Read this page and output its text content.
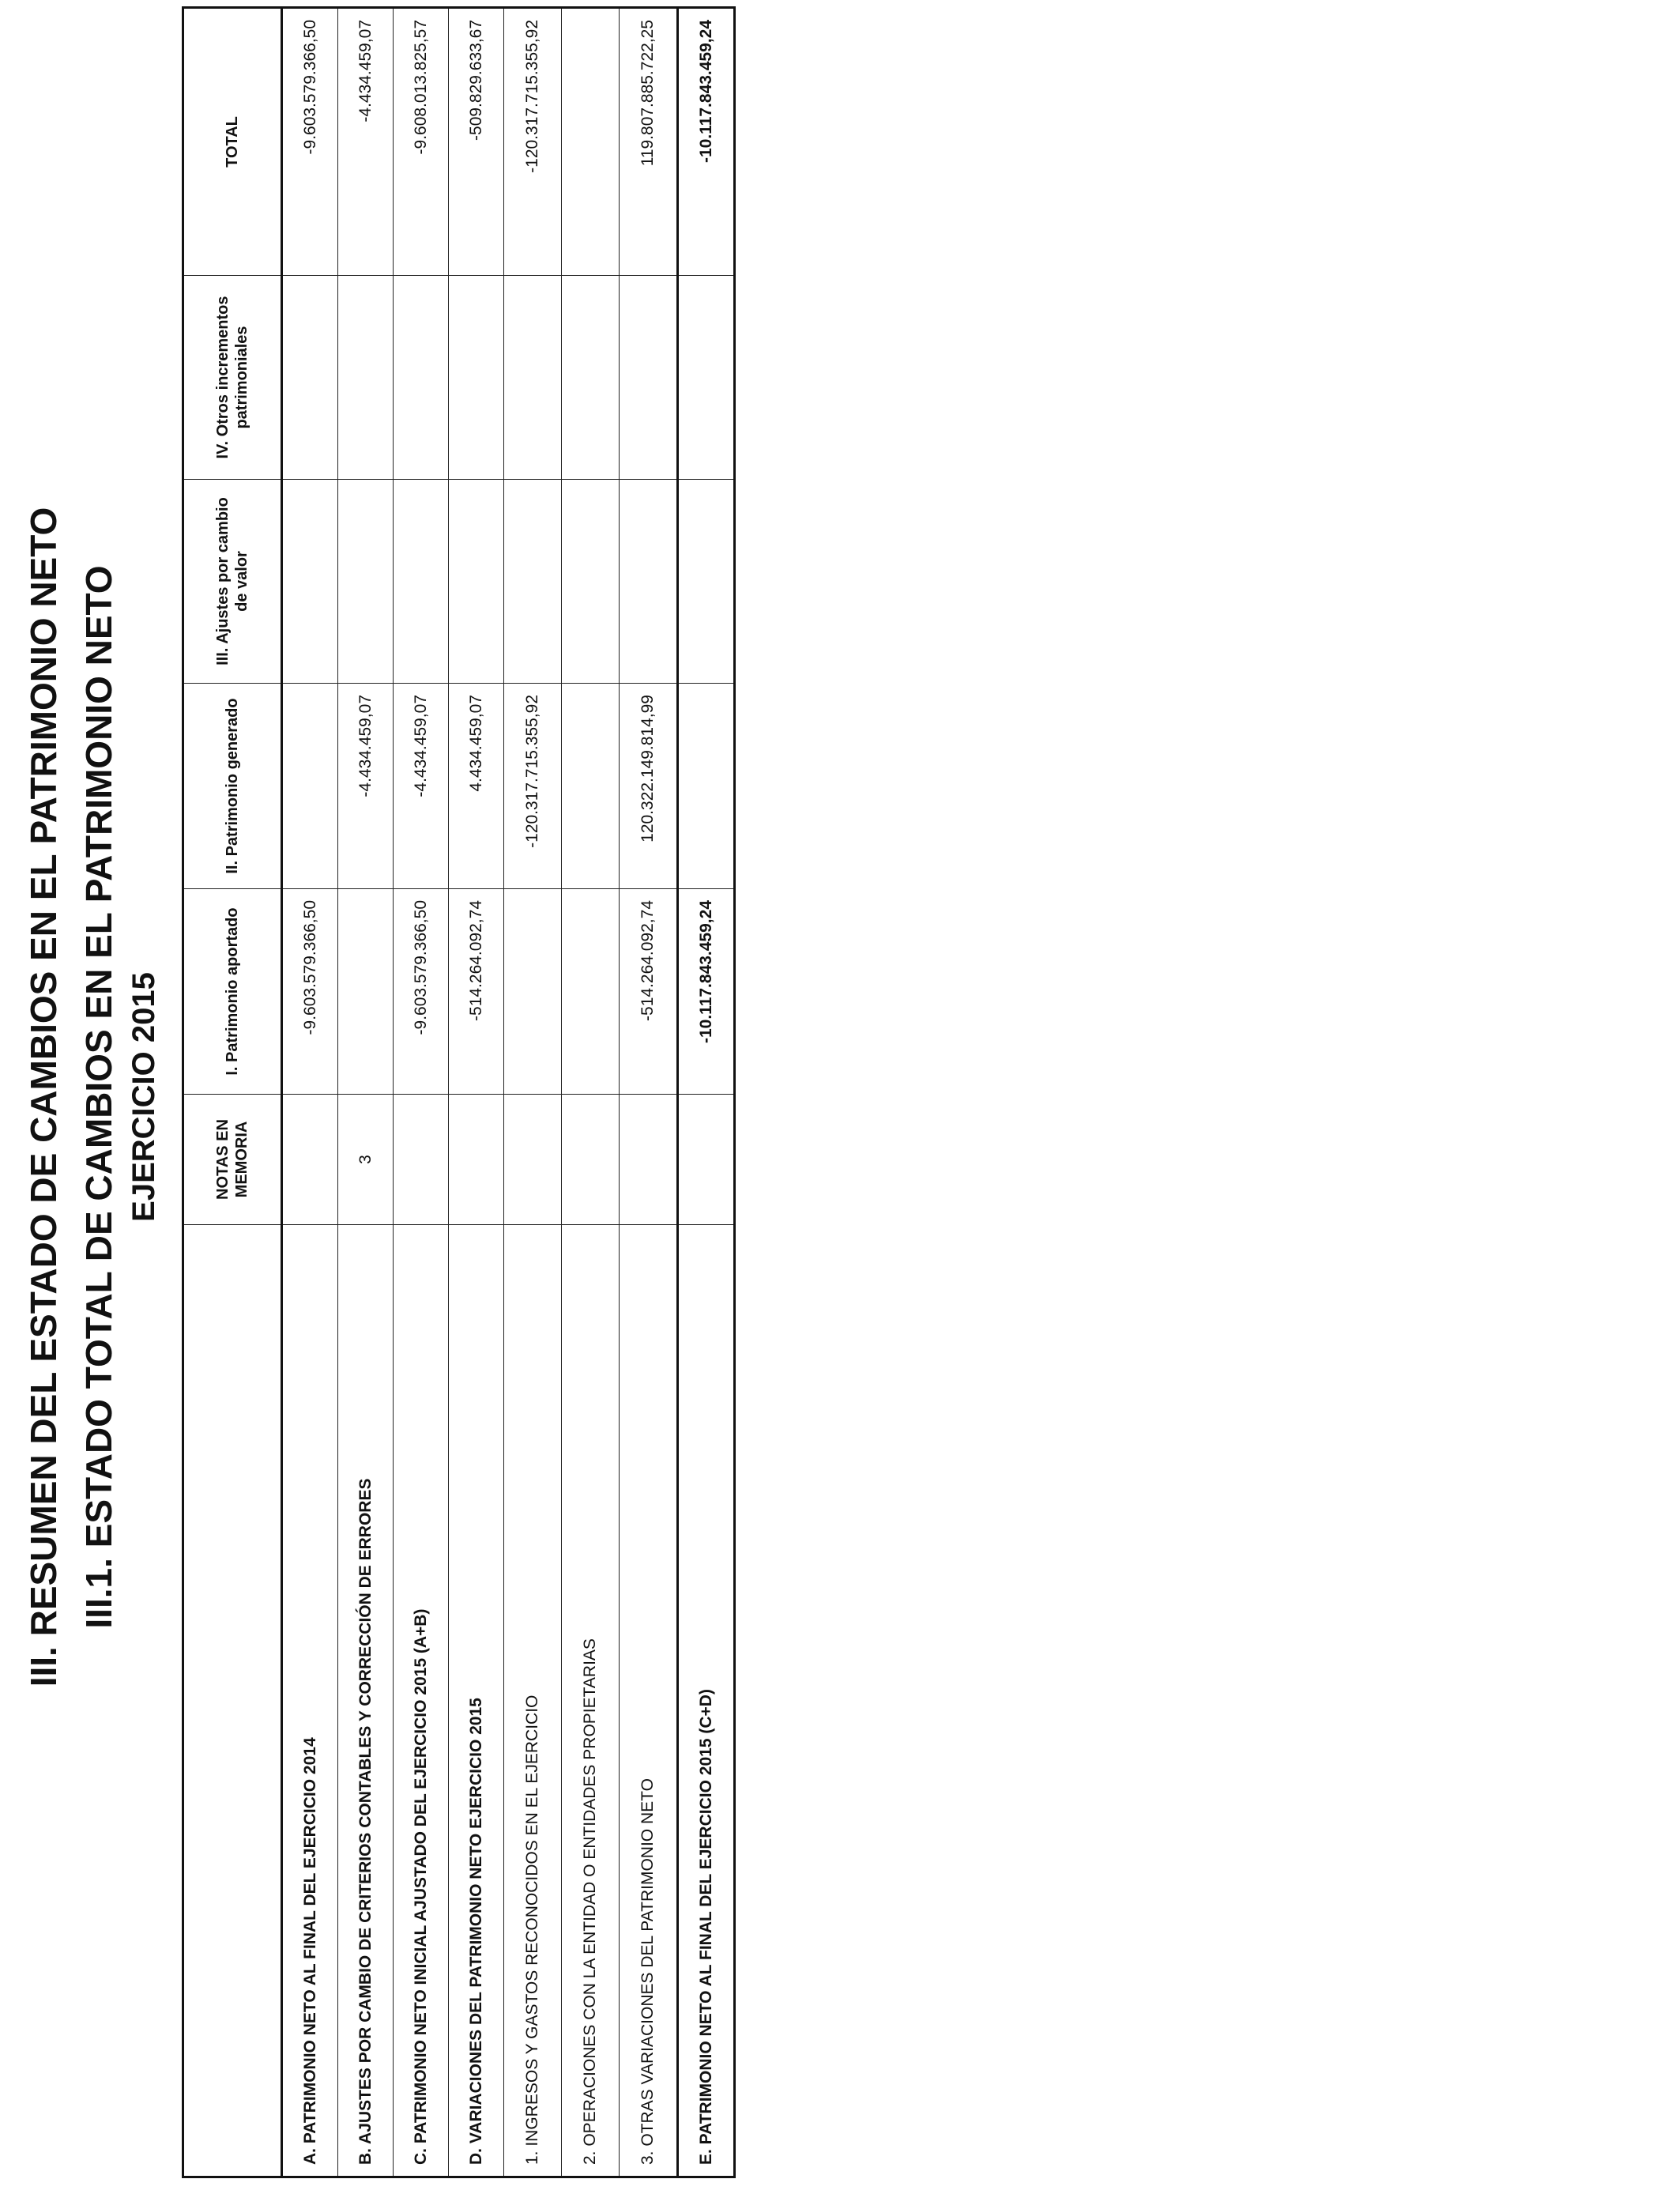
III. RESUMEN DEL ESTADO DE CAMBIOS EN EL PATRIMONIO NETO III.1. ESTADO TOTAL DE CAMBIOS EN EL PATRIMONIO NETO EJERCICIO 2015
		NOTAS EN MEMORIA	I. Patrimonio aportado	II. Patrimonio generado	III. Ajustes por cambio de valor	IV. Otros incrementos patrimoniales	TOTAL
A. PATRIMONIO NETO AL FINAL DEL EJERCICIO 2014		-9.603.579.366,50				-9.603.579.366,50
B. AJUSTES POR CAMBIO DE CRITERIOS CONTABLES Y CORRECCIÓN DE ERRORES	3		-4.434.459,07			-4.434.459,07
C. PATRIMONIO NETO INICIAL AJUSTADO DEL EJERCICIO 2015 (A+B)		-9.603.579.366,50	-4.434.459,07			-9.608.013.825,57
D. VARIACIONES DEL PATRIMONIO NETO EJERCICIO 2015		-514.264.092,74	4.434.459,07			-509.829.633,67
1. INGRESOS Y GASTOS RECONOCIDOS EN EL EJERCICIO			-120.317.715.355,92			-120.317.715.355,92
2. OPERACIONES CON LA ENTIDAD O ENTIDADES PROPIETARIAS						
3. OTRAS VARIACIONES DEL PATRIMONIO NETO		-514.264.092,74	120.322.149.814,99			119.807.885.722,25
E. PATRIMONIO NETO AL FINAL DEL EJERCICIO 2015 (C+D)		-10.117.843.459,24				-10.117.843.459,24
